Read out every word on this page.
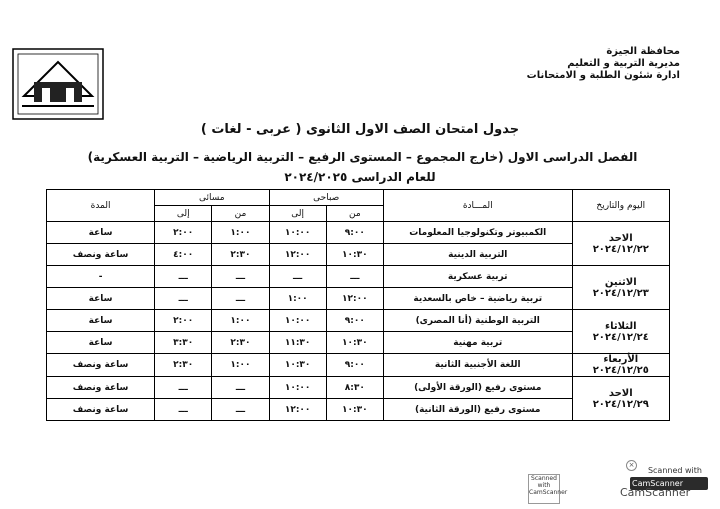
محافظة الجيزة
مديرية التربية و التعليم
ادارة شئون الطلبة و الامتحانات
جدول امتحان الصف الاول الثانوى ( عربى - لغات )
الفصل الدراسى الاول (خارج المجموع – المستوى الرفيع – التربية الرياضية – التربية العسكرية)
للعام الدراسى ٢٠٢٤/٢٠٢٥
اليوم والتاريخ	المـــادة	صباحى		مسائى		المدة
		من	إلى	من	إلى	

الاحد
٢٠٢٤/١٢/٢٢	الكمبيوتر وتكنولوجيا المعلومات	٩:٠٠	١٠:٠٠	١:٠٠	٢:٠٠	ساعة
	التربية الدينية	١٠:٣٠	١٢:٠٠	٢:٣٠	٤:٠٠	ساعة ونصف

الاثنين
٢٠٢٤/١٢/٢٣	تربية عسكرية	ـــ	ـــ	ـــ	ـــ	-
	تربية رياضية – خاص بالسعدية	١٢:٠٠	١:٠٠	ـــ	ـــ	ساعة

الثلاثاء
٢٠٢٤/١٢/٢٤	التربية الوطنية (أنا المصرى)	٩:٠٠	١٠:٠٠	١:٠٠	٢:٠٠	ساعة
	تربية مهنية	١٠:٣٠	١١:٣٠	٢:٣٠	٣:٣٠	ساعة

الأربعاء
٢٠٢٤/١٢/٢٥	اللغة الأجنبية الثانية	٩:٠٠	١٠:٣٠	١:٠٠	٢:٣٠	ساعة ونصف

الاحد
٢٠٢٤/١٢/٢٩	مستوى رفيع (الورقة الأولى)	٨:٣٠	١٠:٠٠	ـــ	ـــ	ساعة ونصف
	مستوى رفيع (الورقة الثانية)	١٠:٣٠	١٢:٠٠	ـــ	ـــ	ساعة ونصف
Scanned with CamScanner
×
Scanned with
CamScanner
CamScanner
